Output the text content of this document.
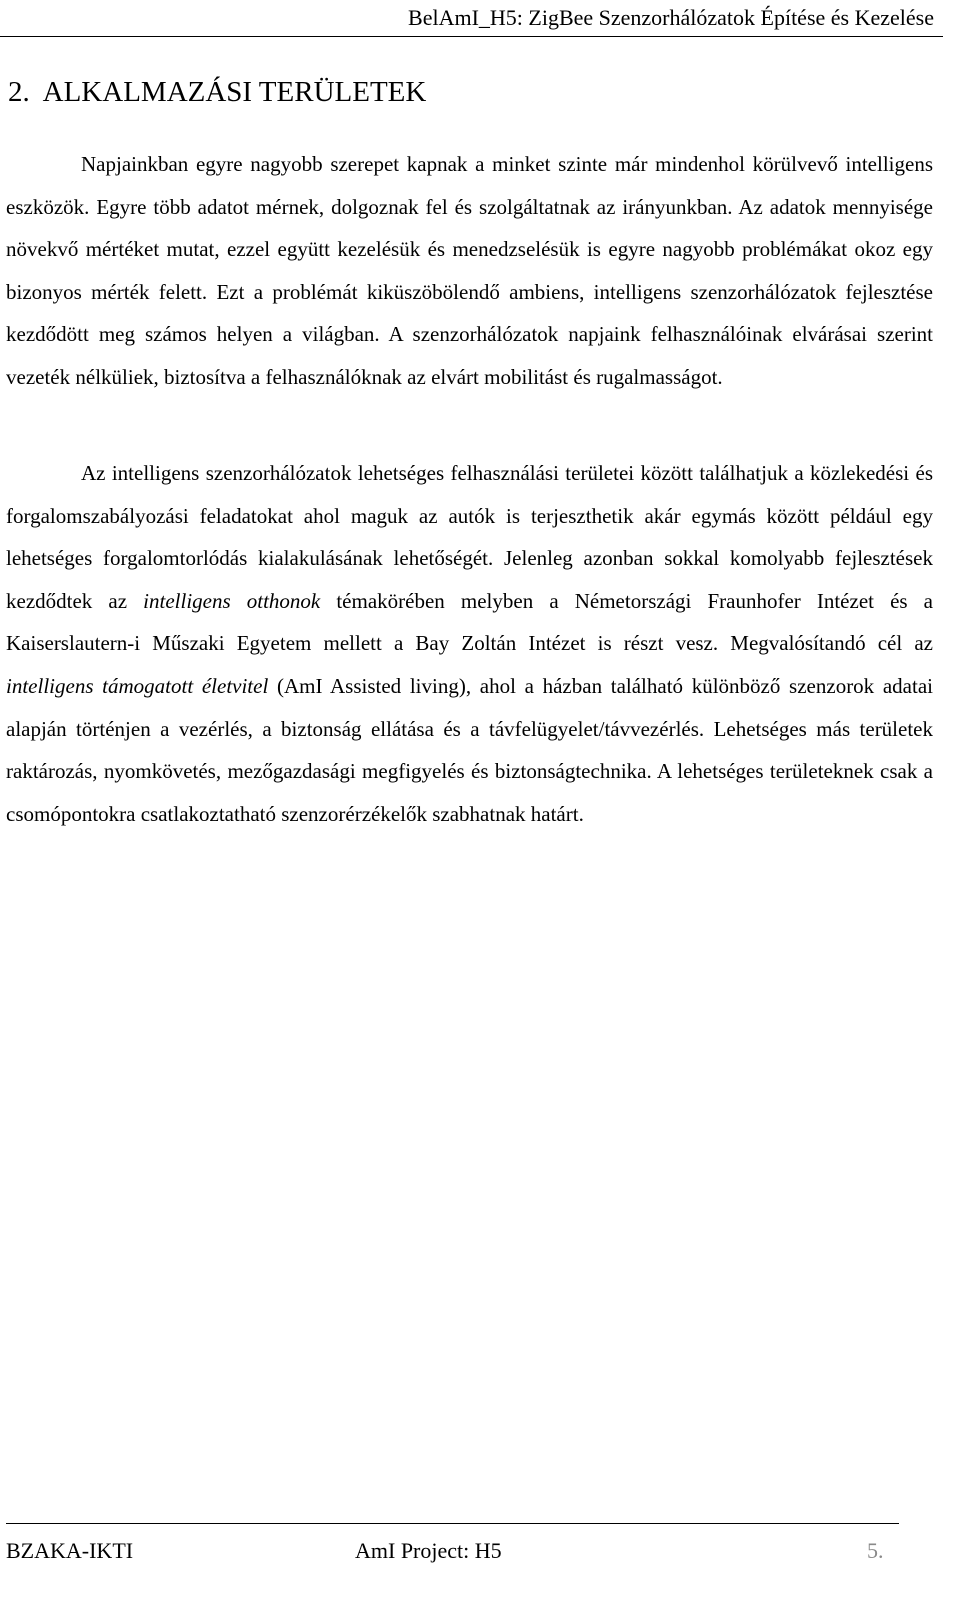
BelAmI_H5: ZigBee Szenzorhálózatok Építése és Kezelése
2.  ALKALMAZÁSI TERÜLETEK

Napjainkban egyre nagyobb szerepet kapnak a minket szinte már mindenhol körülvevő intelligens eszközök. Egyre több adatot mérnek, dolgoznak fel és szolgáltatnak az irányunkban. Az adatok mennyisége növekvő mértéket mutat, ezzel együtt kezelésük és menedzselésük is egyre nagyobb problémákat okoz egy bizonyos mérték felett. Ezt a problémát kiküszöbölendő ambiens, intelligens szenzorhálózatok fejlesztése kezdődött meg számos helyen a világban. A szenzorhálózatok napjaink felhasználóinak elvárásai szerint vezeték nélküliek, biztosítva a felhasználóknak az elvárt mobilitást és rugalmasságot.

Az intelligens szenzorhálózatok lehetséges felhasználási területei között találhatjuk a közlekedési és forgalomszabályozási feladatokat ahol maguk az autók is terjeszthetik akár egymás között például egy lehetséges forgalomtorlódás kialakulásának lehetőségét. Jelenleg azonban sokkal komolyabb fejlesztések kezdődtek az intelligens otthonok témakörében melyben a Németországi Fraunhofer Intézet és a Kaiserslautern-i Műszaki Egyetem mellett a Bay Zoltán Intézet is részt vesz. Megvalósítandó cél az intelligens támogatott életvitel (AmI Assisted living), ahol a házban található különböző szenzorok adatai alapján történjen a vezérlés, a biztonság ellátása és a távfelügyelet/távvezérlés. Lehetséges más területek raktározás, nyomkövetés, mezőgazdasági megfigyelés és biztonságtechnika. A lehetséges területeknek csak a csomópontokra csatlakoztatható szenzorérzékelők szabhatnak határt.

BZAKA-IKTI	AmI Project: H5	5.
